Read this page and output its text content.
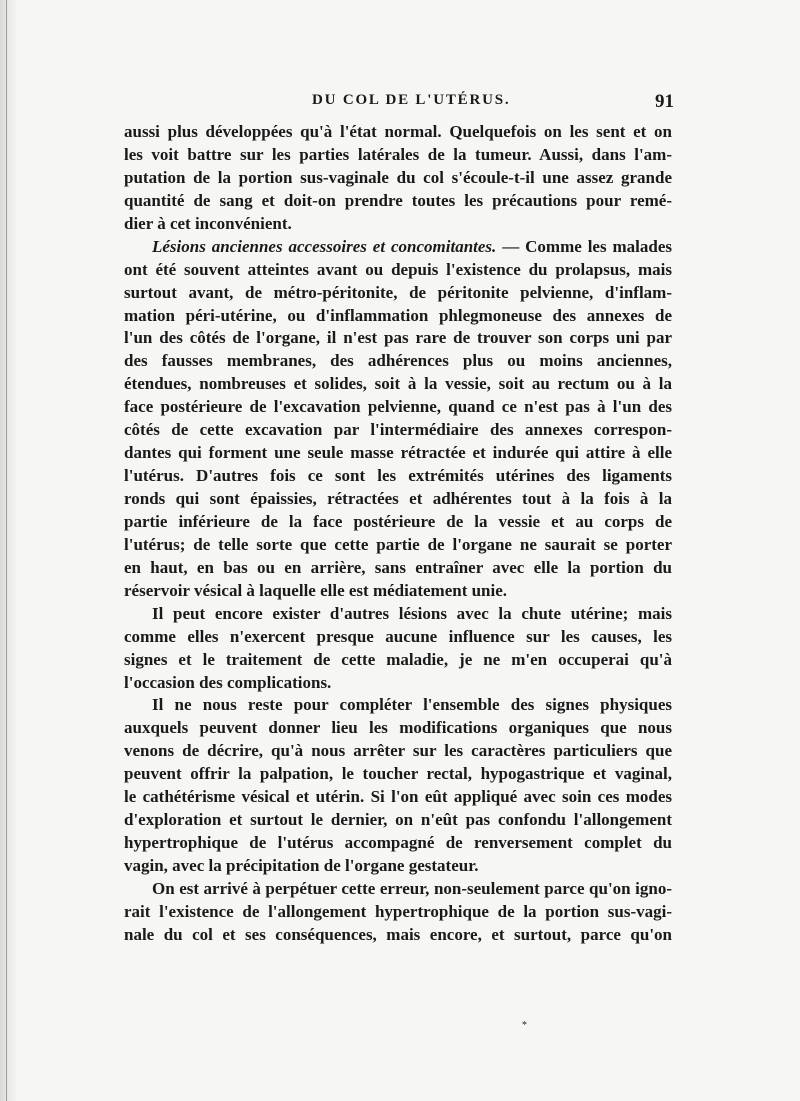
DU COL DE L'UTÉRUS.	91
aussi plus développées qu'à l'état normal. Quelquefois on les sent et on
les voit battre sur les parties latérales de la tumeur. Aussi, dans l'am-
putation de la portion sus-vaginale du col s'écoule-t-il une assez grande
quantité de sang et doit-on prendre toutes les précautions pour remé-
dier à cet inconvénient.
Lésions anciennes accessoires et concomitantes. — Comme les malades
ont été souvent atteintes avant ou depuis l'existence du prolapsus, mais
surtout avant, de métro-péritonite, de péritonite pelvienne, d'inflam-
mation péri-utérine, ou d'inflammation phlegmoneuse des annexes de
l'un des côtés de l'organe, il n'est pas rare de trouver son corps uni par
des fausses membranes, des adhérences plus ou moins anciennes,
étendues, nombreuses et solides, soit à la vessie, soit au rectum ou à la
face postérieure de l'excavation pelvienne, quand ce n'est pas à l'un des
côtés de cette excavation par l'intermédiaire des annexes correspon-
dantes qui forment une seule masse rétractée et indurée qui attire à elle
l'utérus. D'autres fois ce sont les extrémités utérines des ligaments
ronds qui sont épaissies, rétractées et adhérentes tout à la fois à la
partie inférieure de la face postérieure de la vessie et au corps de
l'utérus; de telle sorte que cette partie de l'organe ne saurait se porter
en haut, en bas ou en arrière, sans entraîner avec elle la portion du
réservoir vésical à laquelle elle est médiatement unie.
Il peut encore exister d'autres lésions avec la chute utérine; mais
comme elles n'exercent presque aucune influence sur les causes, les
signes et le traitement de cette maladie, je ne m'en occuperai qu'à
l'occasion des complications.
Il ne nous reste pour compléter l'ensemble des signes physiques
auxquels peuvent donner lieu les modifications organiques que nous
venons de décrire, qu'à nous arrêter sur les caractères particuliers que
peuvent offrir la palpation, le toucher rectal, hypogastrique et vaginal,
le cathétérisme vésical et utérin. Si l'on eût appliqué avec soin ces modes
d'exploration et surtout le dernier, on n'eût pas confondu l'allongement
hypertrophique de l'utérus accompagné de renversement complet du
vagin, avec la précipitation de l'organe gestateur.
On est arrivé à perpétuer cette erreur, non-seulement parce qu'on igno-
rait l'existence de l'allongement hypertrophique de la portion sus-vagi-
nale du col et ses conséquences, mais encore, et surtout, parce qu'on
*
